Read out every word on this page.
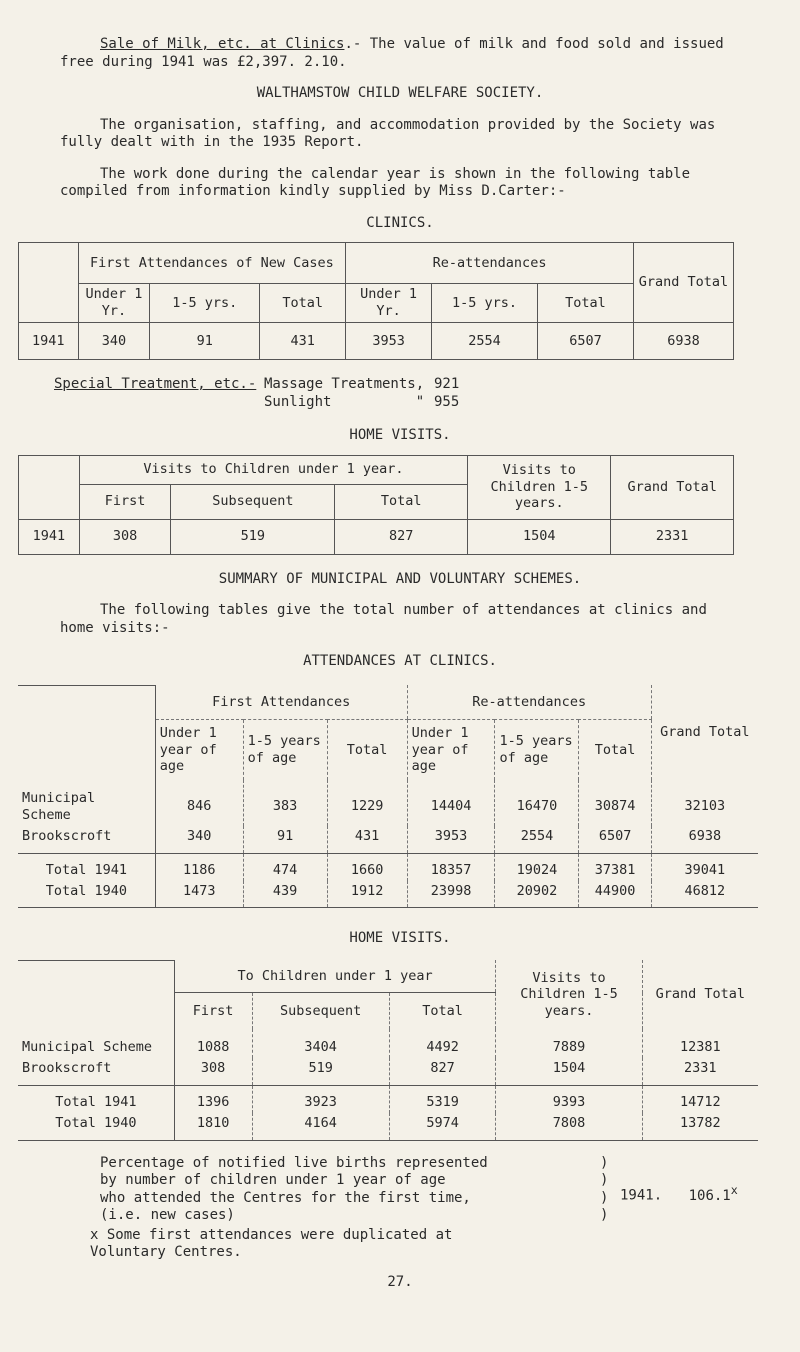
Sale of Milk, etc. at Clinics.- The value of milk and food sold and issued free during 1941 was £2,397. 2.10.

WALTHAMSTOW CHILD WELFARE SOCIETY.

The organisation, staffing, and accommodation provided by the Society was fully dealt with in the 1935 Report.

The work done during the calendar year is shown in the following table compiled from information kindly supplied by Miss D.Carter:-

CLINICS.

	First Attendances of New Cases			Re-attendances			Grand Total
	Under 1 Yr.	1-5 yrs.	Total	Under 1 Yr.	1-5 yrs.	Total	
1941	340	91	431	3953	2554	6507	6938
Special Treatment, etc.- Massage Treatments, 921
Sunlight          " 955

HOME VISITS.

	Visits to Children under 1 year.			Visits to Children 1-5 years.	Grand Total
	First	Subsequent	Total		
1941	308	519	827	1504	2331

SUMMARY OF MUNICIPAL AND VOLUNTARY SCHEMES.

The following tables give the total number of attendances at clinics and home visits:-

ATTENDANCES AT CLINICS.

	First Attendances			Re-attendances			Grand Total
	Under 1 year of age	1-5 years of age	Total	Under 1 year of age	1-5 years of age	Total	
Municipal Scheme	846	383	1229	14404	16470	30874	32103
Brookscroft	340	91	431	3953	2554	6507	6938
Total 1941	1186	474	1660	18357	19024	37381	39041
Total 1940	1473	439	1912	23998	20902	44900	46812

HOME VISITS.

	To Children under 1 year			Visits to Children 1-5 years.	Grand Total
	First	Subsequent	Total		
Municipal Scheme	1088	3404	4492	7889	12381
Brookscroft	308	519	827	1504	2331
Total 1941	1396	3923	5319	9393	14712
Total 1940	1810	4164	5974	7808	13782
Percentage of notified live births represented
by number of children under 1 year of age
who attended the Centres for the first time,
(i.e. new cases)
)
)
)
)
1941. 106.1$^x$

x Some first attendances were duplicated at Voluntary Centres.

27.
